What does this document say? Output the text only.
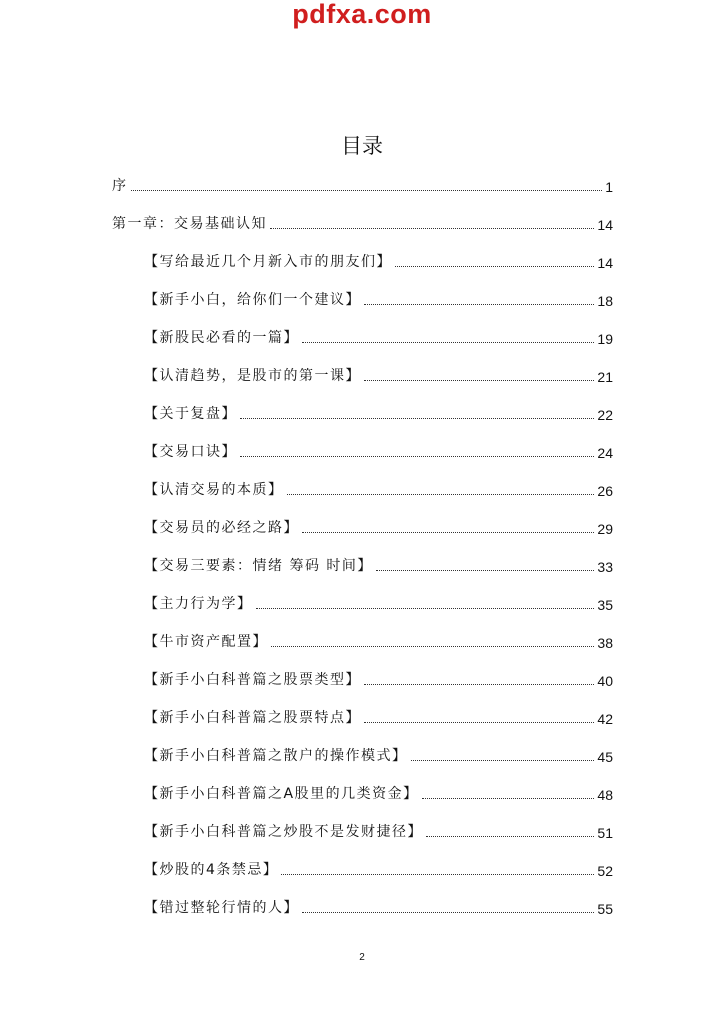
pdfxa.com
目录
序	1
第一章：交易基础认知	14
【写给最近几个月新入市的朋友们】	14
【新手小白，给你们一个建议】	18
【新股民必看的一篇】	19
【认清趋势，是股市的第一课】	21
【关于复盘】	22
【交易口诀】	24
【认清交易的本质】	26
【交易员的必经之路】	29
【交易三要素：情绪 筹码 时间】	33
【主力行为学】	35
【牛市资产配置】	38
【新手小白科普篇之股票类型】	40
【新手小白科普篇之股票特点】	42
【新手小白科普篇之散户的操作模式】	45
【新手小白科普篇之A股里的几类资金】	48
【新手小白科普篇之炒股不是发财捷径】	51
【炒股的4条禁忌】	52
【错过整轮行情的人】	55
2
